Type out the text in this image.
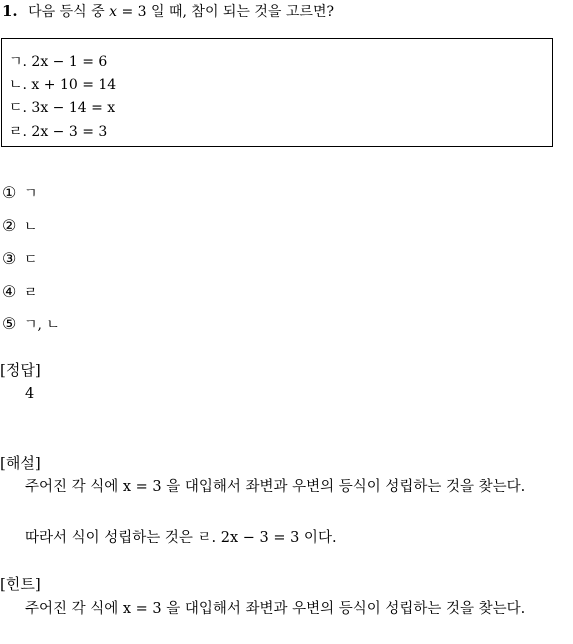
1. 다음 등식 중 x = 3 일 때, 참이 되는 것을 고르면?
ㄱ. 2x − 1 = 6
ㄴ. x + 10 = 14
ㄷ. 3x − 14 = x
ㄹ. 2x − 3 = 3
① ㄱ
② ㄴ
③ ㄷ
④ ㄹ
⑤ ㄱ, ㄴ
[정답]
4
[해설]
주어진 각 식에 x = 3 을 대입해서 좌변과 우변의 등식이 성립하는 것을 찾는다.
따라서 식이 성립하는 것은 ㄹ. 2x − 3 = 3 이다.
[힌트]
주어진 각 식에 x = 3 을 대입해서 좌변과 우변의 등식이 성립하는 것을 찾는다.
